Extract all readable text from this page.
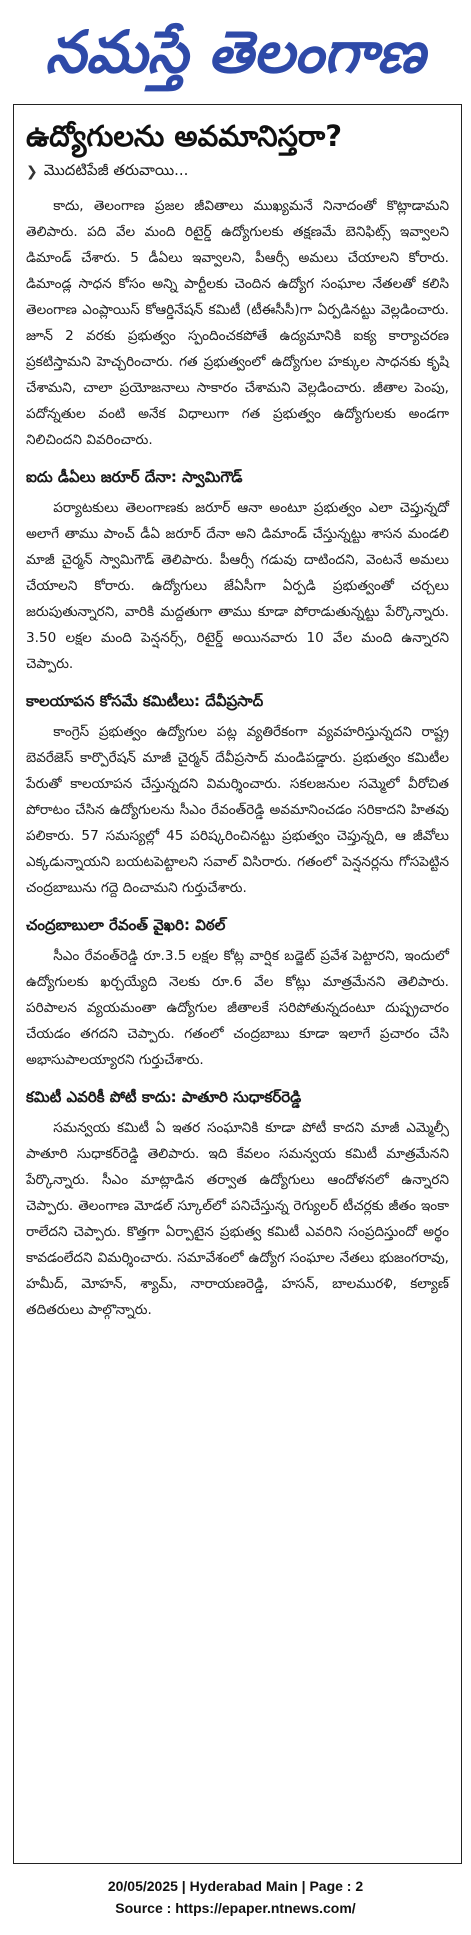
నమస్తే తెలంగాణ
ఉద్యోగులను అవమానిస్తరా?
❯ మొదటిపేజీ తరువాయి...

కాదు, తెలంగాణ ప్రజల జీవితాలు ముఖ్యమనే నినాదంతో కొట్లాడామని తెలిపారు. పది వేల మంది రిటైర్డ్ ఉద్యోగులకు తక్షణమే బెనిఫిట్స్ ఇవ్వాలని డిమాండ్ చేశారు. 5 డీఏలు ఇవ్వాలని, పీఆర్సీ అమలు చేయాలని కోరారు. డిమాండ్ల సాధన కోసం అన్ని పార్టీలకు చెందిన ఉద్యోగ సంఘాల నేతలతో కలిసి తెలంగాణ ఎంప్లాయిస్ కోఆర్డినేషన్ కమిటీ (టీఈసీసీ)గా ఏర్పడినట్టు వెల్లడించారు. జూన్ 2 వరకు ప్రభుత్వం స్పందించకపోతే ఉద్యమానికి ఐక్య కార్యాచరణ ప్రకటిస్తామని హెచ్చరించారు. గత ప్రభుత్వంలో ఉద్యోగుల హక్కుల సాధనకు కృషి చేశామని, చాలా ప్రయోజనాలు సాకారం చేశామని వెల్లడించారు. జీతాల పెంపు, పదోన్నతుల వంటి అనేక విధాలుగా గత ప్రభుత్వం ఉద్యోగులకు అండగా నిలిచిందని వివరించారు.

ఐదు డీఏలు జరూర్ దేనా: స్వామిగౌడ్

పర్యాటకులు తెలంగాణకు జరూర్ ఆనా అంటూ ప్రభుత్వం ఎలా చెప్తున్నదో అలాగే తాము పాంచ్ డీఏ జరూర్ దేనా అని డిమాండ్ చేస్తున్నట్టు శాసన మండలి మాజీ చైర్మన్ స్వామిగౌడ్ తెలిపారు. పీఆర్సీ గడువు దాటిందని, వెంటనే అమలు చేయాలని కోరారు. ఉద్యోగులు జేఏసీగా ఏర్పడి ప్రభుత్వంతో చర్చలు జరుపుతున్నారని, వారికి మద్దతుగా తాము కూడా పోరాడుతున్నట్టు పేర్కొన్నారు. 3.50 లక్షల మంది పెన్షనర్స్, రిటైర్డ్ అయినవారు 10 వేల మంది ఉన్నారని చెప్పారు.

కాలయాపన కోసమే కమిటీలు: దేవీప్రసాద్

కాంగ్రెస్ ప్రభుత్వం ఉద్యోగుల పట్ల వ్యతిరేకంగా వ్యవహరిస్తున్నదని రాష్ట్ర బెవరేజెస్ కార్పొరేషన్ మాజీ చైర్మన్ దేవీప్రసాద్ మండిపడ్డారు. ప్రభుత్వం కమిటీల పేరుతో కాలయాపన చేస్తున్నదని విమర్శించారు. సకలజనుల సమ్మెలో వీరోచిత పోరాటం చేసిన ఉద్యోగులను సీఎం రేవంత్‌రెడ్డి అవమానించడం సరికాదని హితవు పలికారు. 57 సమస్యల్లో 45 పరిష్కరించినట్టు ప్రభుత్వం చెప్తున్నది, ఆ జీవోలు ఎక్కడున్నాయని బయటపెట్టాలని సవాల్ విసిరారు. గతంలో పెన్షనర్లను గోసపెట్టిన చంద్రబాబును గద్దె దించామని గుర్తుచేశారు.

చంద్రబాబులా రేవంత్ వైఖరి: విఠల్

సీఎం రేవంత్‌రెడ్డి రూ.3.5 లక్షల కోట్ల వార్షిక బడ్జెట్ ప్రవేశ పెట్టారని, ఇందులో ఉద్యోగులకు ఖర్చయ్యేది నెలకు రూ.6 వేల కోట్లు మాత్రమేనని తెలిపారు. పరిపాలన వ్యయమంతా ఉద్యోగుల జీతాలకే సరిపోతున్నదంటూ దుష్ప్రచారం చేయడం తగదని చెప్పారు. గతంలో చంద్రబాబు కూడా ఇలాగే ప్రచారం చేసి అభాసుపాలయ్యారని గుర్తుచేశారు.

కమిటీ ఎవరికీ పోటీ కాదు: పాతూరి సుధాకర్‌రెడ్డి

సమన్వయ కమిటీ ఏ ఇతర సంఘానికి కూడా పోటీ కాదని మాజీ ఎమ్మెల్సీ పాతూరి సుధాకర్‌రెడ్డి తెలిపారు. ఇది కేవలం సమన్వయ కమిటీ మాత్రమేనని పేర్కొన్నారు. సీఎం మాట్లాడిన తర్వాత ఉద్యోగులు ఆందోళనలో ఉన్నారని చెప్పారు. తెలంగాణ మోడల్ స్కూల్‌లో పనిచేస్తున్న రెగ్యులర్ టీచర్లకు జీతం ఇంకా రాలేదని చెప్పారు. కొత్తగా ఏర్పాటైన ప్రభుత్వ కమిటీ ఎవరిని సంప్రదిస్తుందో అర్థం కావడంలేదని విమర్శించారు. సమావేశంలో ఉద్యోగ సంఘాల నేతలు భుజంగరావు, హమీద్, మోహన్, శ్యామ్, నారాయణరెడ్డి, హసన్, బాలమురళి, కల్యాణ్ తదితరులు పాల్గొన్నారు.

20/05/2025 | Hyderabad Main | Page : 2
Source : https://epaper.ntnews.com/
